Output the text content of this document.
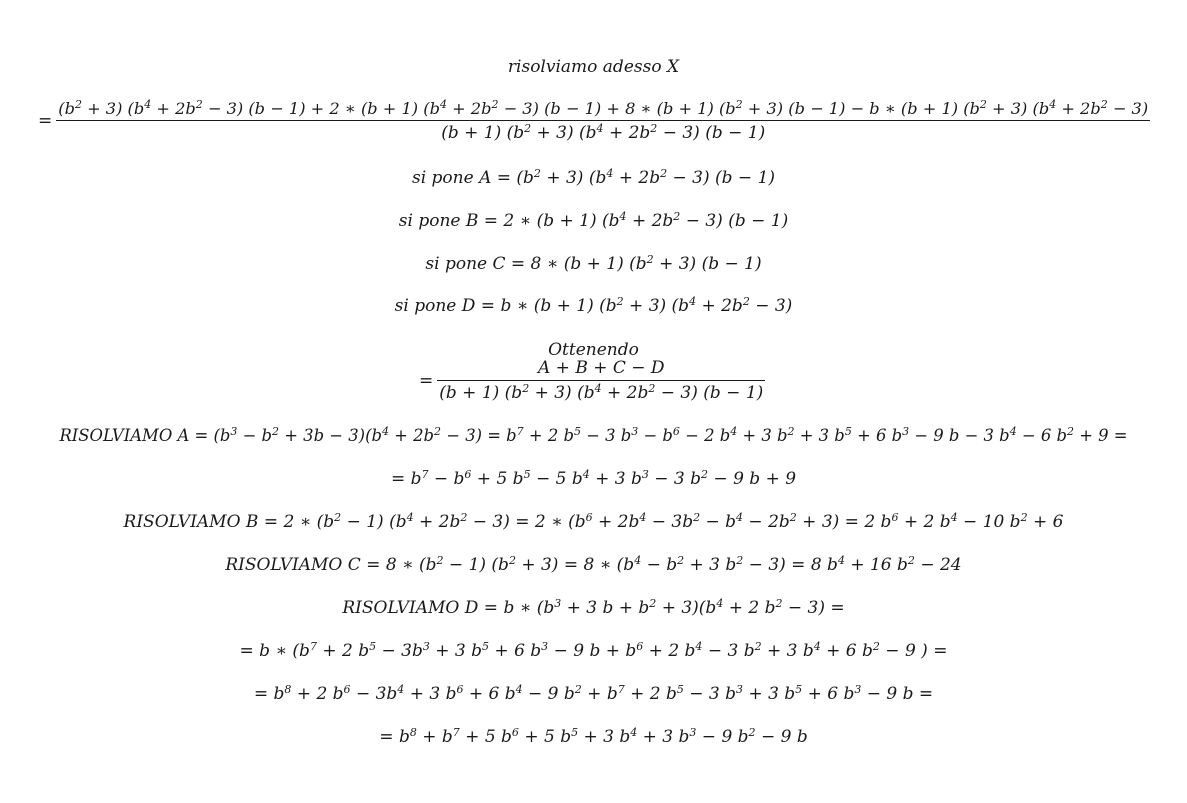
risolviamo adesso X
=
$(b^2 + 3) (b^4 + 2b^2 - 3) (b - 1) + 2$ ∗ (b + 1) $(b^4 + 2b^2 - 3) (b - 1) + 8$ ∗ (b + 1) $(b^2 + 3) (b - 1) - b$ ∗ (b + 1) $(b^2 + 3) (b^4 + 2b^2 - 3)$
(b + 1) $(b^2 + 3) (b^4 + 2b^2 - 3) (b - 1)$
si pone $A = (b^2 + 3) (b^4 + 2b^2 - 3) (b - 1)$
si pone B = 2 ∗ (b + 1) $(b^4 + 2b^2 - 3) (b - 1)$
si pone C = 8 ∗ (b + 1) $(b^2 + 3) (b - 1)$
si pone D = b ∗ (b + 1) $(b^2 + 3) (b^4 + 2b^2 - 3)$
Ottenendo
= $\frac{A + B + C - D}{(b + 1) (b^2 + 3) (b^4 + 2b^2 - 3) (b - 1)}$
RISOLVIAMO $A = (b^3 - b^2 + 3b - 3)(b^4 + 2b^2 - 3) = b^7 + 2$ $b^5 - 3$ $b^3 - b^6 - 2$ $b^4 + 3$ $b^2 + 3$ $b^5 + 6$ $b^3 - 9$ b − 3 $b^4 - 6$ $b^2 + 9$ =
= $b^7 - b^6 + 5$ $b^5 - 5$ $b^4 + 3$ $b^3 - 3$ $b^2 - 9$ b + 9
RISOLVIAMO B = 2 ∗ $(b^2 - 1) (b^4 + 2b^2 - 3) = 2$ ∗ $(b^6 + 2b^4 - 3b^2 - b^4 - 2b^2 + 3) = 2$ $b^6 + 2$ $b^4 - 10$ $b^2 + 6$
RISOLVIAMO C = 8 ∗ $(b^2 - 1) (b^2 + 3) = 8$ ∗ ($b^4 - b^2 + 3$ $b^2 - 3) = 8$ $b^4 + 16$ $b^2 - 24$
RISOLVIAMO D = b ∗ ($b^3 + 3$ $b + b^2 + 3)(b^4 + 2$ $b^2 - 3$) =
= b ∗ ($b^7 + 2$ $b^5 - 3b^3 + 3$ $b^5 + 6$ $b^3 - 9$ $b + b^6 + 2$ $b^4 - 3$ $b^2 + 3$ $b^4 + 6$ $b^2 - 9$ ) =
= $b^8 + 2$ $b^6 - 3b^4 + 3$ $b^6 + 6$ $b^4 - 9$ $b^2 + b^7 + 2$ $b^5 - 3$ $b^3 + 3$ $b^5 + 6$ $b^3 - 9$ b =
= $b^8 + b^7 + 5$ $b^6 + 5$ $b^5 + 3$ $b^4 + 3$ $b^3 - 9$ $b^2 - 9$ b
